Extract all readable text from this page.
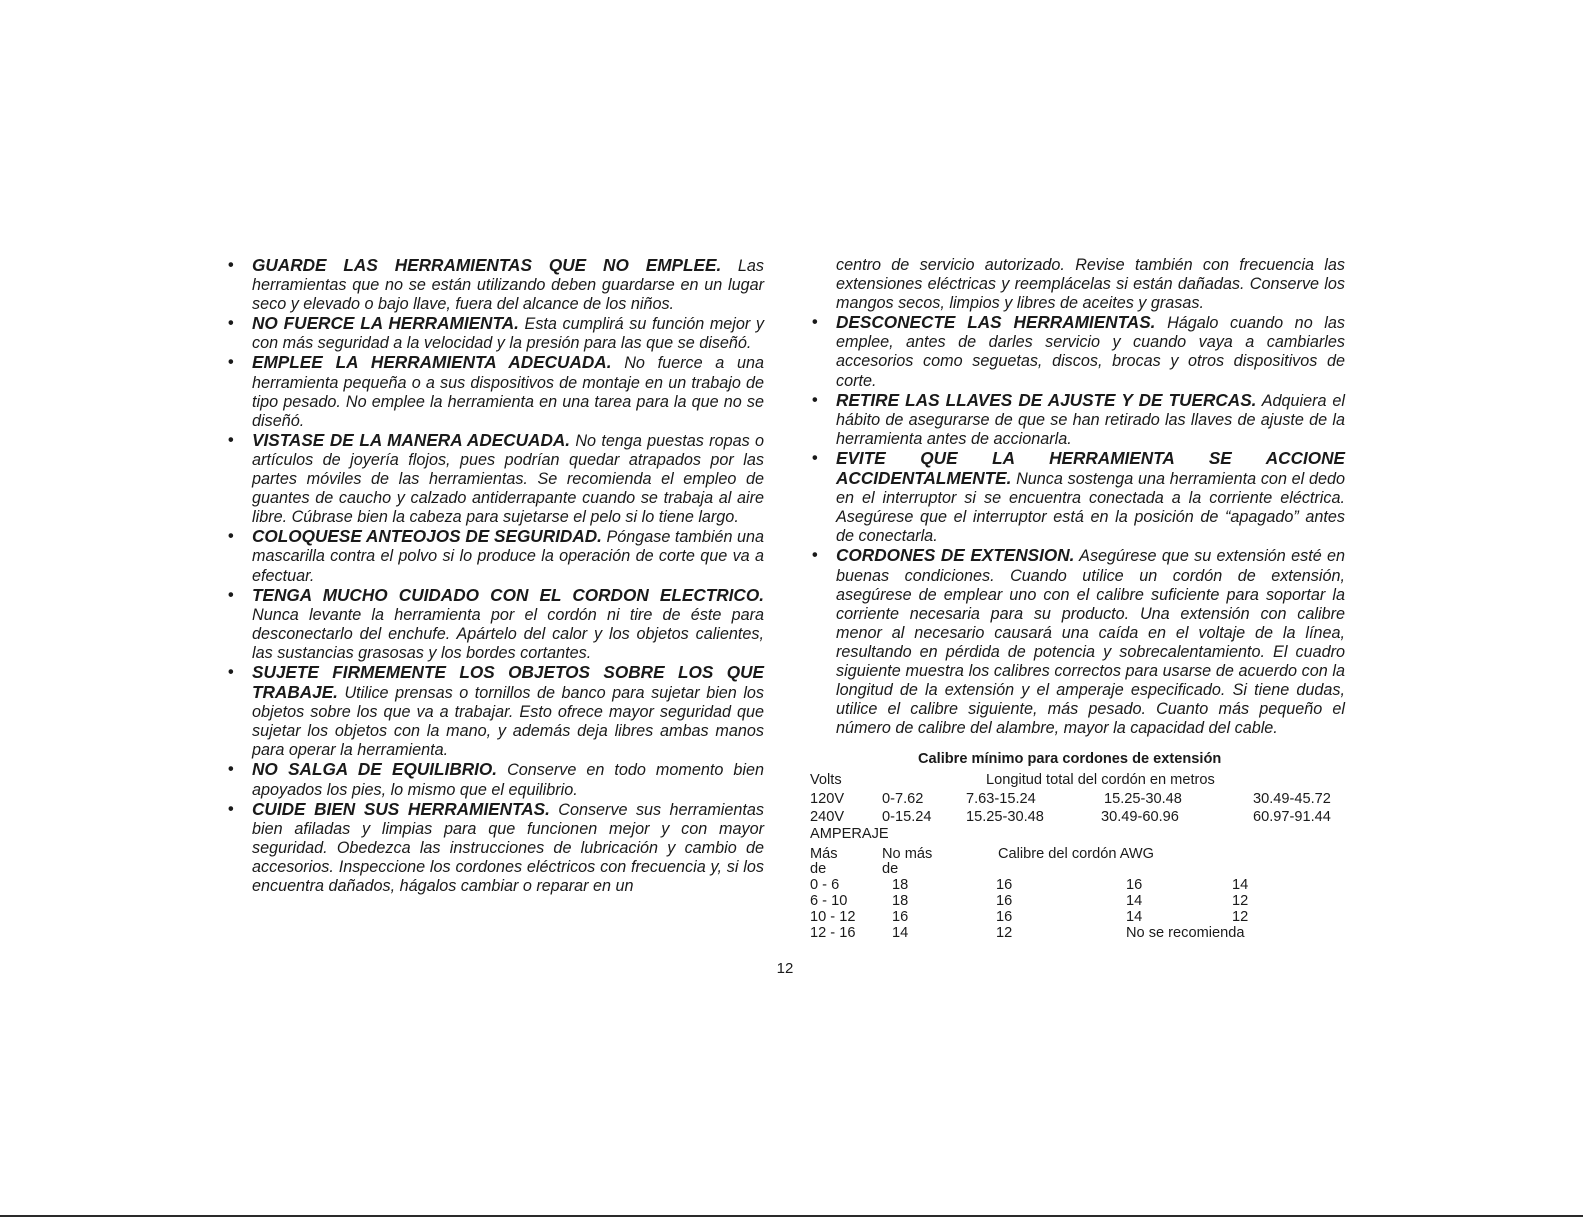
• GUARDE LAS HERRAMIENTAS QUE NO EMPLEE. Las herramientas que no se están utilizando deben guardarse en un lugar seco y elevado o bajo llave, fuera del alcance de los niños.
• NO FUERCE LA HERRAMIENTA. Esta cumplirá su función mejor y con más seguridad a la velocidad y la presión para las que se diseñó.
• EMPLEE LA HERRAMIENTA ADECUADA. No fuerce a una herramienta pequeña o a sus dispositivos de montaje en un trabajo de tipo pesado. No emplee la herramienta en una tarea para la que no se diseñó.
• VISTASE DE LA MANERA ADECUADA. No tenga puestas ropas o artículos de joyería flojos, pues podrían quedar atrapados por las partes móviles de las herramientas. Se recomienda el empleo de guantes de caucho y calzado antiderrapante cuando se trabaja al aire libre. Cúbrase bien la cabeza para sujetarse el pelo si lo tiene largo.
• COLOQUESE ANTEOJOS DE SEGURIDAD. Póngase también una mascarilla contra el polvo si lo produce la operación de corte que va a efectuar.
• TENGA MUCHO CUIDADO CON EL CORDON ELECTRICO. Nunca levante la herramienta por el cordón ni tire de éste para desconectarlo del enchufe. Apártelo del calor y los objetos calientes, las sustancias grasosas y los bordes cortantes.
• SUJETE FIRMEMENTE LOS OBJETOS SOBRE LOS QUE TRABAJE. Utilice prensas o tornillos de banco para sujetar bien los objetos sobre los que va a trabajar. Esto ofrece mayor seguridad que sujetar los objetos con la mano, y además deja libres ambas manos para operar la herramienta.
• NO SALGA DE EQUILIBRIO. Conserve en todo momento bien apoyados los pies, lo mismo que el equilibrio.
• CUIDE BIEN SUS HERRAMIENTAS. Conserve sus herramientas bien afiladas y limpias para que funcionen mejor y con mayor seguridad. Obedezca las instrucciones de lubricación y cambio de accesorios. Inspeccione los cordones eléctricos con frecuencia y, si los encuentra dañados, hágalos cambiar o reparar en un
centro de servicio autorizado. Revise también con frecuencia las extensiones eléctricas y reemplácelas si están dañadas. Conserve los mangos secos, limpios y libres de aceites y grasas.
• DESCONECTE LAS HERRAMIENTAS. Hágalo cuando no las emplee, antes de darles servicio y cuando vaya a cambiarles accesorios como seguetas, discos, brocas y otros dispositivos de corte.
• RETIRE LAS LLAVES DE AJUSTE Y DE TUERCAS. Adquiera el hábito de asegurarse de que se han retirado las llaves de ajuste de la herramienta antes de accionarla.
• EVITE QUE LA HERRAMIENTA SE ACCIONE ACCIDENTALMENTE. Nunca sostenga una herramienta con el dedo en el interruptor si se encuentra conectada a la corriente eléctrica. Asegúrese que el interruptor está en la posición de “apagado” antes de conectarla.
• CORDONES DE EXTENSION. Asegúrese que su extensión esté en buenas condiciones. Cuando utilice un cordón de extensión, asegúrese de emplear uno con el calibre suficiente para soportar la corriente necesaria para su producto. Una extensión con calibre menor al necesario causará una caída en el voltaje de la línea, resultando en pérdida de potencia y sobrecalentamiento. El cuadro siguiente muestra los calibres correctos para usarse de acuerdo con la longitud de la extensión y el amperaje especificado. Si tiene dudas, utilice el calibre siguiente, más pesado. Cuanto más pequeño el número de calibre del alambre, mayor la capacidad del cable.
Calibre mínimo para cordones de extensión
Volts	Longitud total del cordón en metros
120V	0-7.62	7.63-15.24	15.25-30.48	30.49-45.72
240V	0-15.24 15.25-30.48	30.49-60.96	60.97-91.44
AMPERAJE
Más	No más	Calibre del cordón AWG
de	de
0 - 6	18	16	16	14
6 - 10	18	16	14	12
10 - 12	16	16	14	12
12 - 16	14	12	No se recomienda
12
